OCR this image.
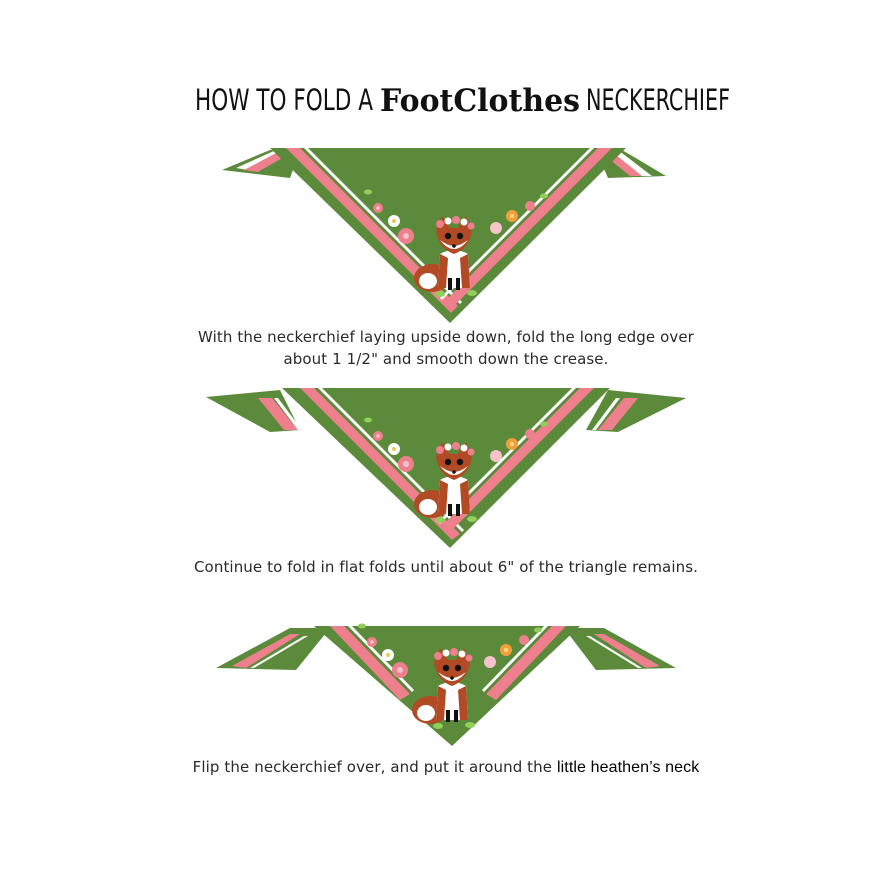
HOW TO FOLD A FootClothes NECKERCHIEF
With the neckerchief laying upside down, fold the long edge over
about 1 1/2" and smooth down the crease.
Continue to fold in flat folds until about 6" of the triangle remains.
Flip the neckerchief over, and put it around the little heathen’s neck
